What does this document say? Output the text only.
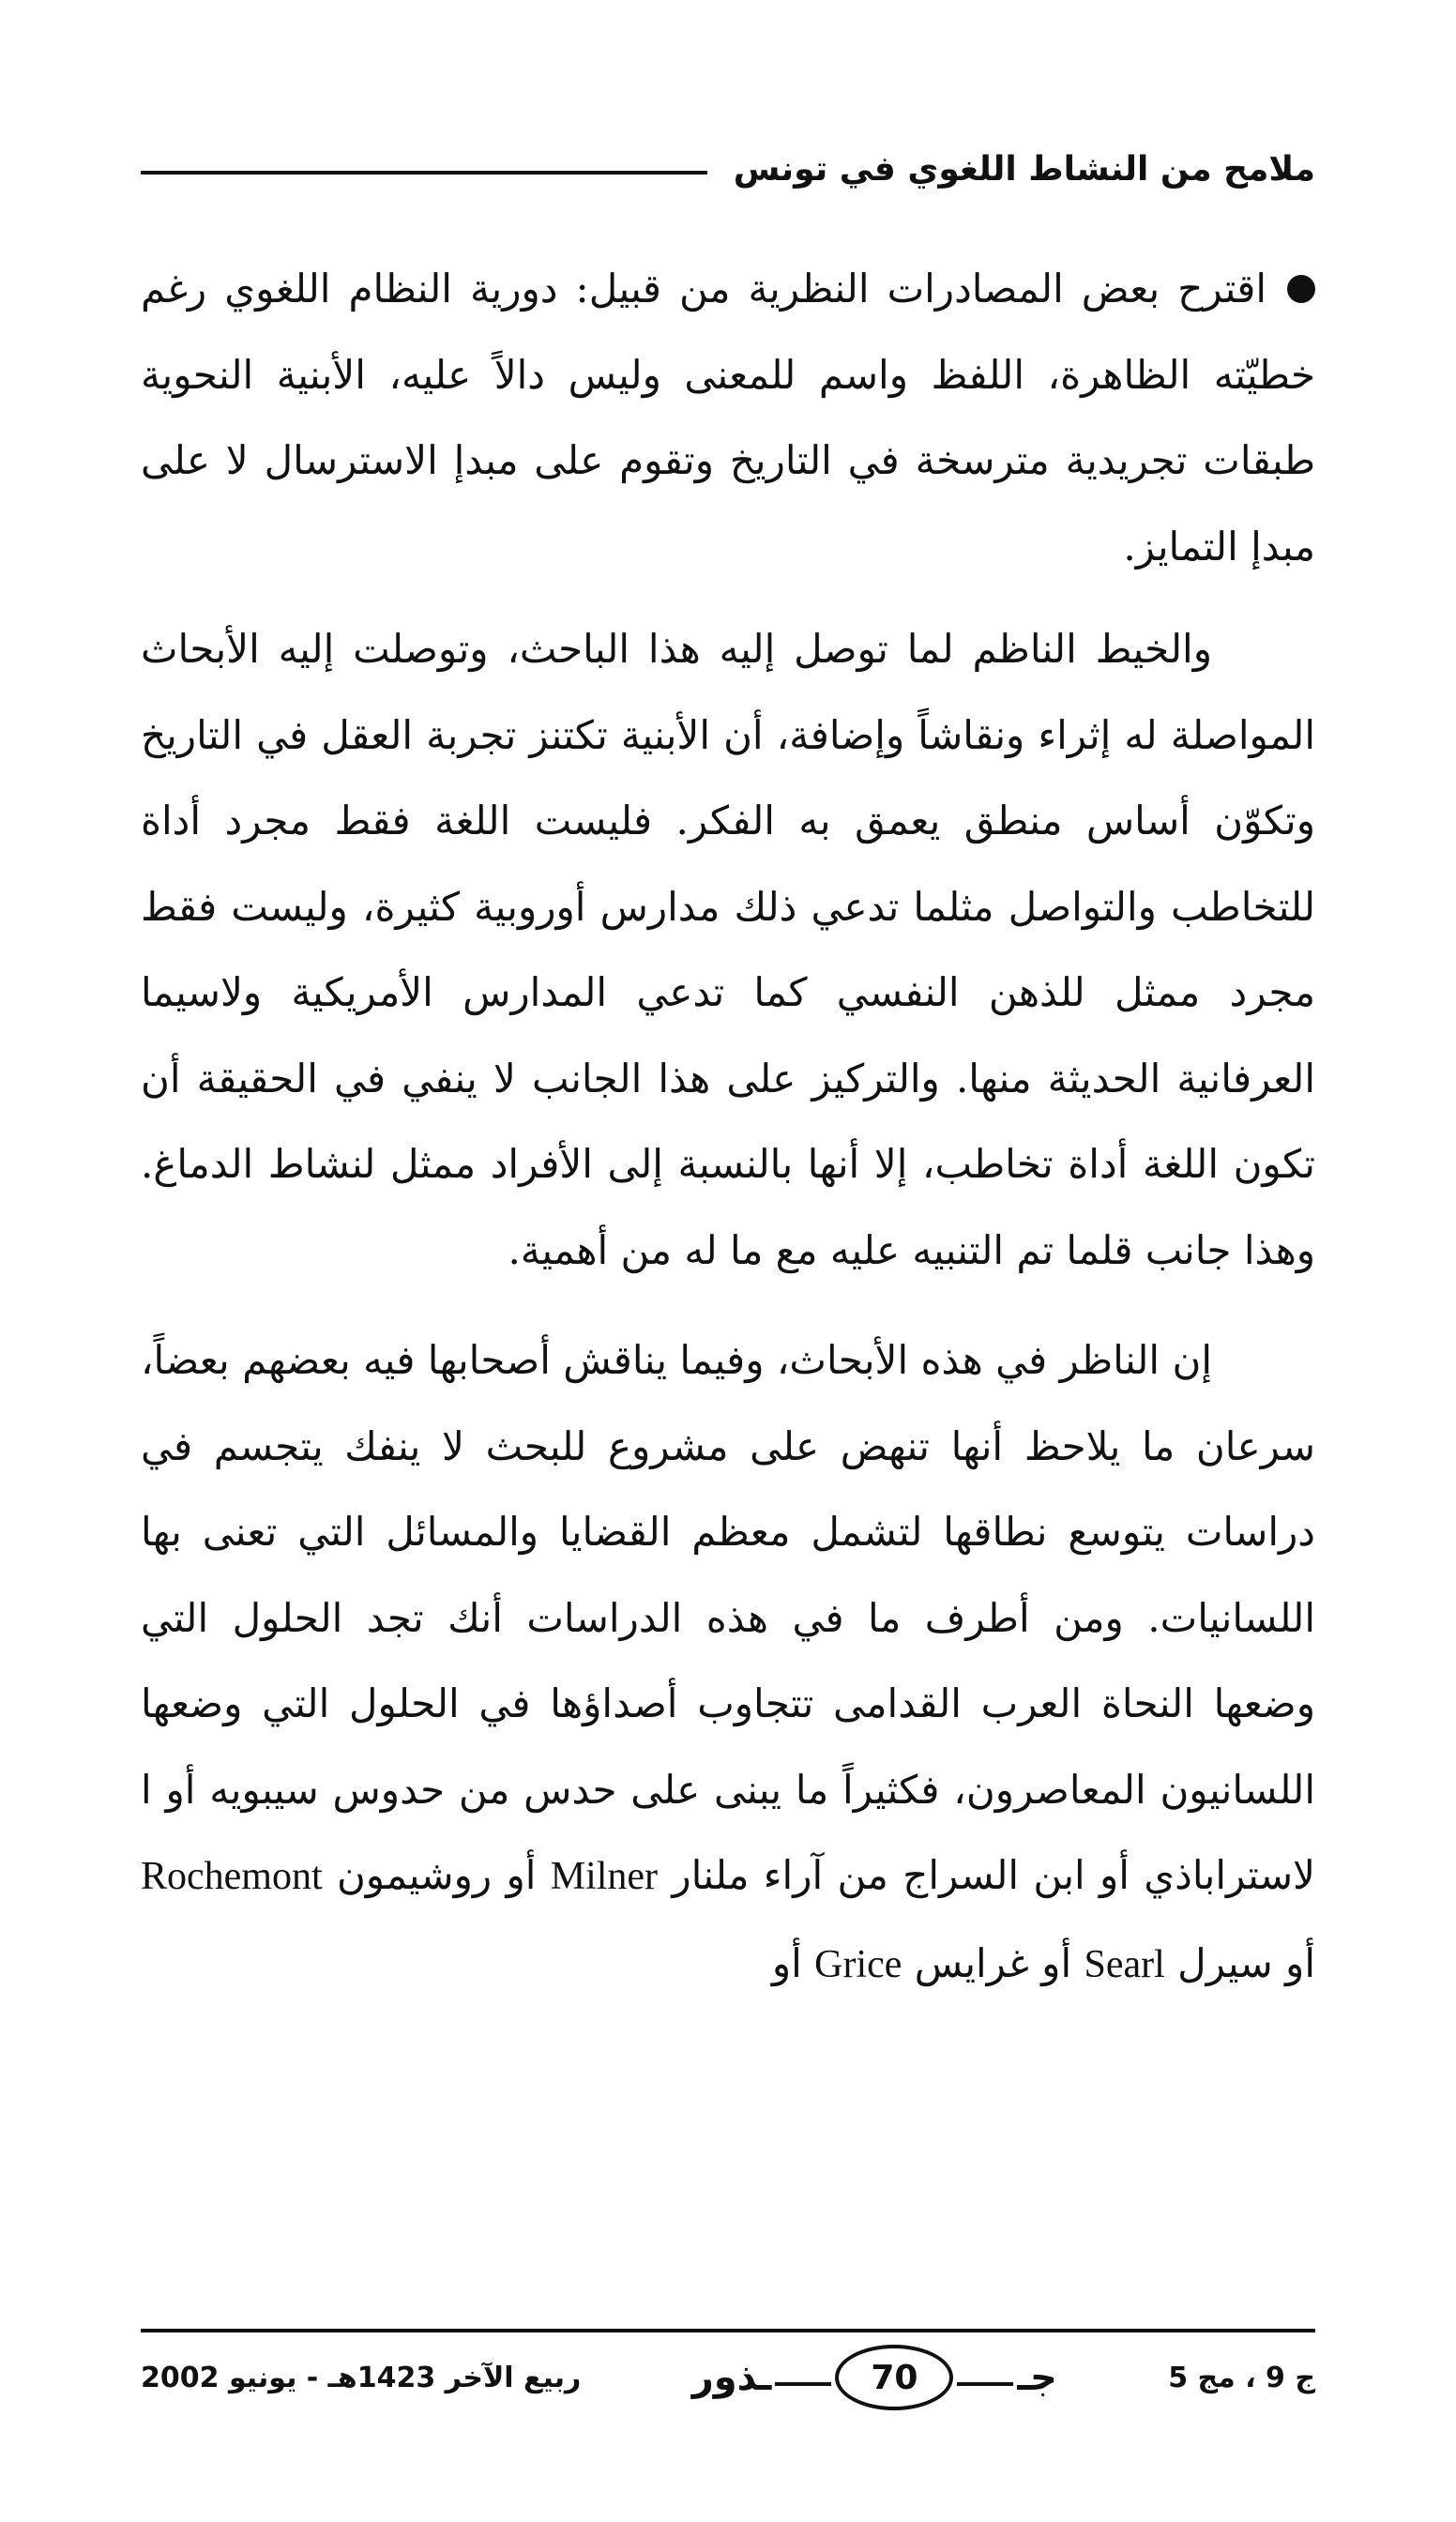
ملامح من النشاط اللغوي في تونس

اقترح بعض المصادرات النظرية من قبيل: دورية النظام اللغوي رغم خطيّته الظاهرة، اللفظ واسم للمعنى وليس دالاً عليه، الأبنية النحوية طبقات تجريدية مترسخة في التاريخ وتقوم على مبدإ الاسترسال لا على مبدإ التمايز.

والخيط الناظم لما توصل إليه هذا الباحث، وتوصلت إليه الأبحاث المواصلة له إثراء ونقاشاً وإضافة، أن الأبنية تكتنز تجربة العقل في التاريخ وتكوّن أساس منطق يعمق به الفكر. فليست اللغة فقط مجرد أداة للتخاطب والتواصل مثلما تدعي ذلك مدارس أوروبية كثيرة، وليست فقط مجرد ممثل للذهن النفسي كما تدعي المدارس الأمريكية ولاسيما العرفانية الحديثة منها. والتركيز على هذا الجانب لا ينفي في الحقيقة أن تكون اللغة أداة تخاطب، إلا أنها بالنسبة إلى الأفراد ممثل لنشاط الدماغ. وهذا جانب قلما تم التنبيه عليه مع ما له من أهمية.

إن الناظر في هذه الأبحاث، وفيما يناقش أصحابها فيه بعضهم بعضاً، سرعان ما يلاحظ أنها تنهض على مشروع للبحث لا ينفك يتجسم في دراسات يتوسع نطاقها لتشمل معظم القضايا والمسائل التي تعنى بها اللسانيات. ومن أطرف ما في هذه الدراسات أنك تجد الحلول التي وضعها النحاة العرب القدامى تتجاوب أصداؤها في الحلول التي وضعها اللسانيون المعاصرون، فكثيراً ما يبنى على حدس من حدوس سيبويه أو ا لاستراباذي أو ابن السراج من آراء ملنار Milner أو روشيمون Rochemont أو سيرل Searl أو غرايس Grice أو

ج 9 ، مج 5
جـ
70
ـذور
ربيع الآخر 1423هـ - يونيو 2002
